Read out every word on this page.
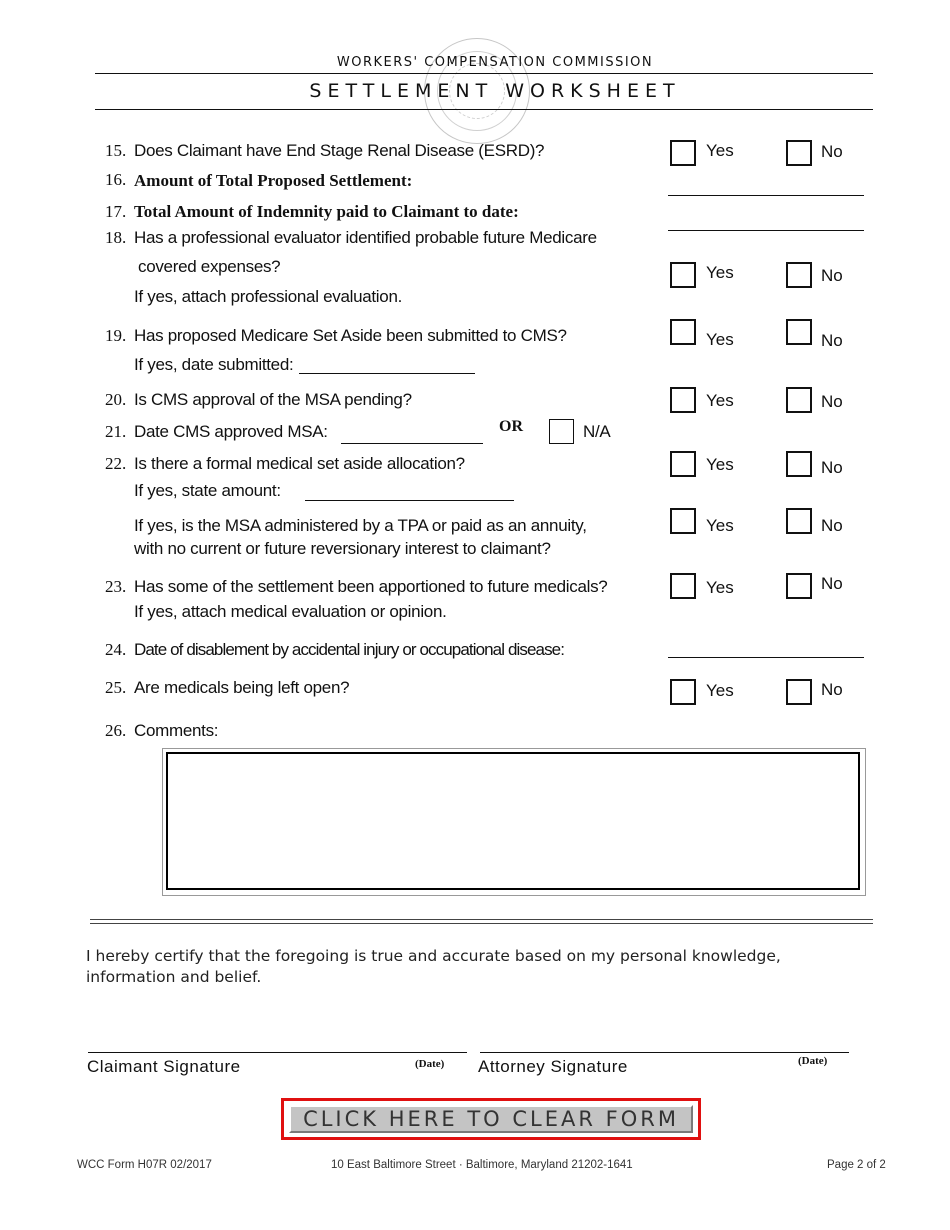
WORKERS' COMPENSATION COMMISSION
SETTLEMENT WORKSHEET
15. Does Claimant have End Stage Renal Disease (ESRD)?	Yes	No
16. Amount of Total Proposed Settlement:
17. Total Amount of Indemnity paid to Claimant to date:
18. Has a professional evaluator identified probable future Medicare
covered expenses?
If yes, attach professional evaluation.
Yes	No
19. Has proposed Medicare Set Aside been submitted to CMS?
If yes, date submitted:
Yes	No
20. Is CMS approval of the MSA pending?	Yes	No
21. Date CMS approved MSA:	OR	N/A
22. Is there a formal medical set aside allocation?
If yes, state amount:
Yes	No
If yes, is the MSA administered by a TPA or paid as an annuity,
with no current or future reversionary interest to claimant?
Yes	No
23. Has some of the settlement been apportioned to future medicals?
If yes, attach medical evaluation or opinion.
Yes	No
24. Date of disablement by accidental injury or occupational disease:
25. Are medicals being left open?	Yes	No
26. Comments:
I hereby certify that the foregoing is true and accurate based on my personal knowledge, information and belief.
Claimant Signature	(Date) Attorney Signature	(Date)
CLICK HERE TO CLEAR FORM
WCC Form H07R 02/2017	10 East Baltimore Street · Baltimore, Maryland 21202-1641	Page 2 of 2
